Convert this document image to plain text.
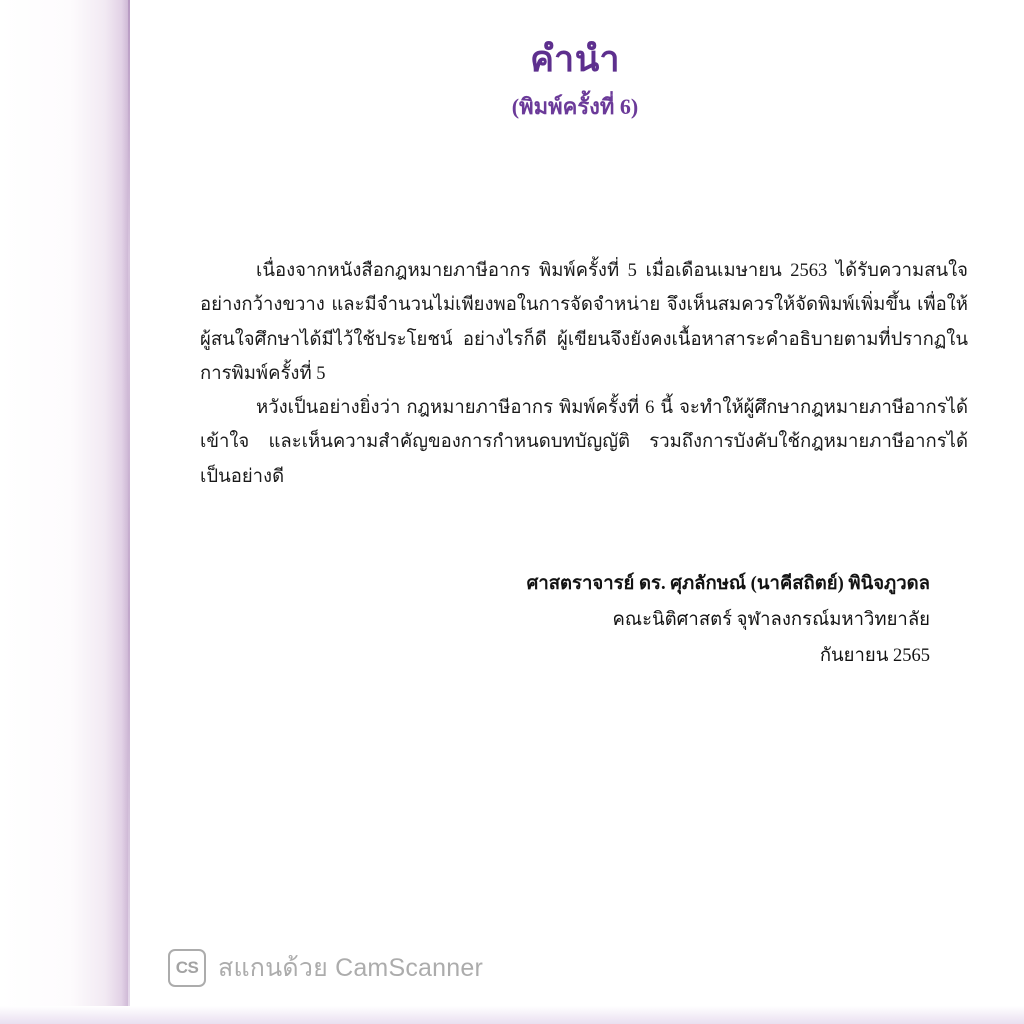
คำนำ
(พิมพ์ครั้งที่ 6)

เนื่องจากหนังสือกฎหมายภาษีอากร พิมพ์ครั้งที่ 5 เมื่อเดือนเมษายน 2563 ได้รับความสนใจอย่างกว้างขวาง และมีจำนวนไม่เพียงพอในการจัดจำหน่าย จึงเห็นสมควรให้จัดพิมพ์เพิ่มขึ้น เพื่อให้ผู้สนใจศึกษาได้มีไว้ใช้ประโยชน์ อย่างไรก็ดี ผู้เขียนจึงยังคงเนื้อหาสาระคำอธิบายตามที่ปรากฏในการพิมพ์ครั้งที่ 5

หวังเป็นอย่างยิ่งว่า กฎหมายภาษีอากร พิมพ์ครั้งที่ 6 นี้ จะทำให้ผู้ศึกษากฎหมายภาษีอากรได้เข้าใจ และเห็นความสำคัญของการกำหนดบทบัญญัติ รวมถึงการบังคับใช้กฎหมายภาษีอากรได้เป็นอย่างดี

ศาสตราจารย์ ดร. ศุภลักษณ์ (นาคีสถิตย์) พินิจภูวดล
คณะนิติศาสตร์ จุฬาลงกรณ์มหาวิทยาลัย
กันยายน 2565
CS สแกนด้วย CamScanner
